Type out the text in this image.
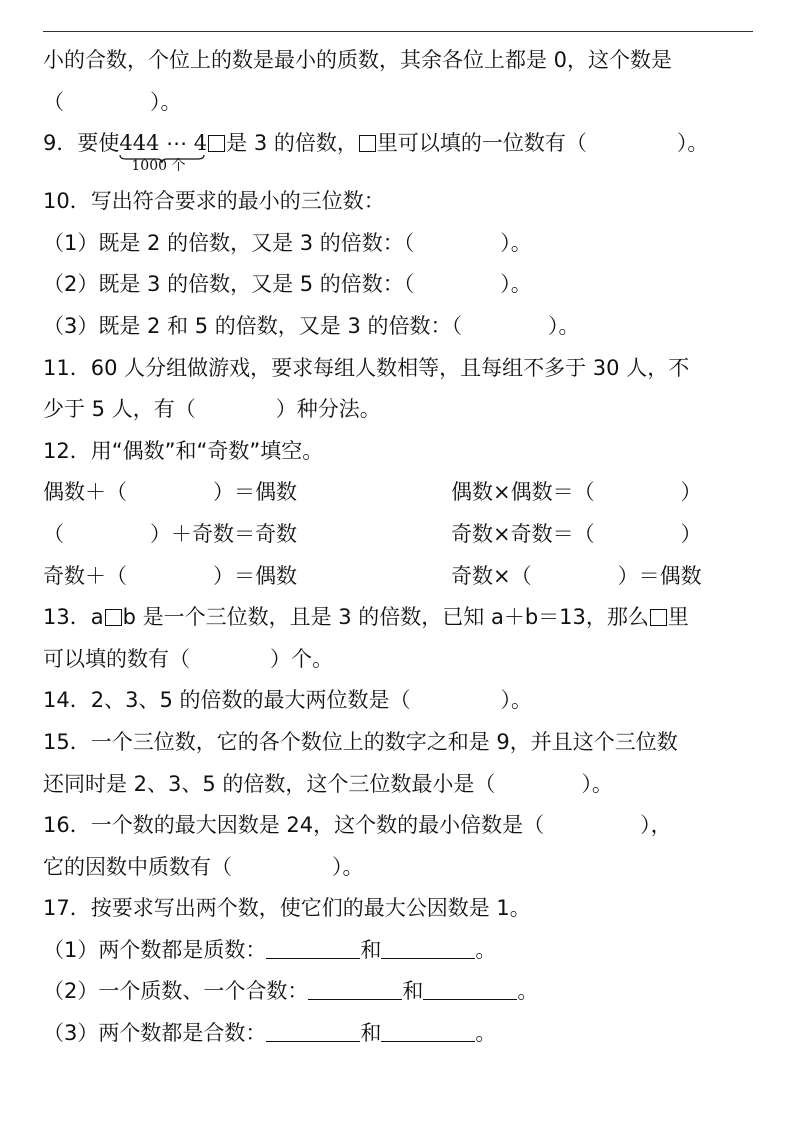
小的合数，个位上的数是最小的质数，其余各位上都是 0，这个数是
（	）。
9．要使444 ⋯ 4
1000 个
是 3 的倍数， 里可以填的一位数有（	）。
10．写出符合要求的最小的三位数：
（1）既是 2 的倍数，又是 3 的倍数：（	）。
（2）既是 3 的倍数，又是 5 的倍数：（	）。
（3）既是 2 和 5 的倍数，又是 3 的倍数：（	）。
11．60 人分组做游戏，要求每组人数相等，且每组不多于 30 人，不
少于 5 人，有（	）种分法。
12．用“偶数”和“奇数”填空。
偶数＋（	）＝偶数	偶数×偶数＝（	）
（	）＋奇数＝奇数	奇数×奇数＝（	）
奇数＋（	）＝偶数	奇数×（	）＝偶数
13．a b 是一个三位数，且是 3 的倍数，已知 a＋b＝13，那么 里
可以填的数有（	）个。
14．2、3、5 的倍数的最大两位数是（	）。
15．一个三位数，它的各个数位上的数字之和是 9，并且这个三位数
还同时是 2、3、5 的倍数，这个三位数最小是（	）。
16．一个数的最大因数是 24，这个数的最小倍数是（	），
它的因数中质数有（	）。
17．按要求写出两个数，使它们的最大公因数是 1。
（1）两个数都是质数：	和	。
（2）一个质数、一个合数：	和	。
（3）两个数都是合数：	和	。
